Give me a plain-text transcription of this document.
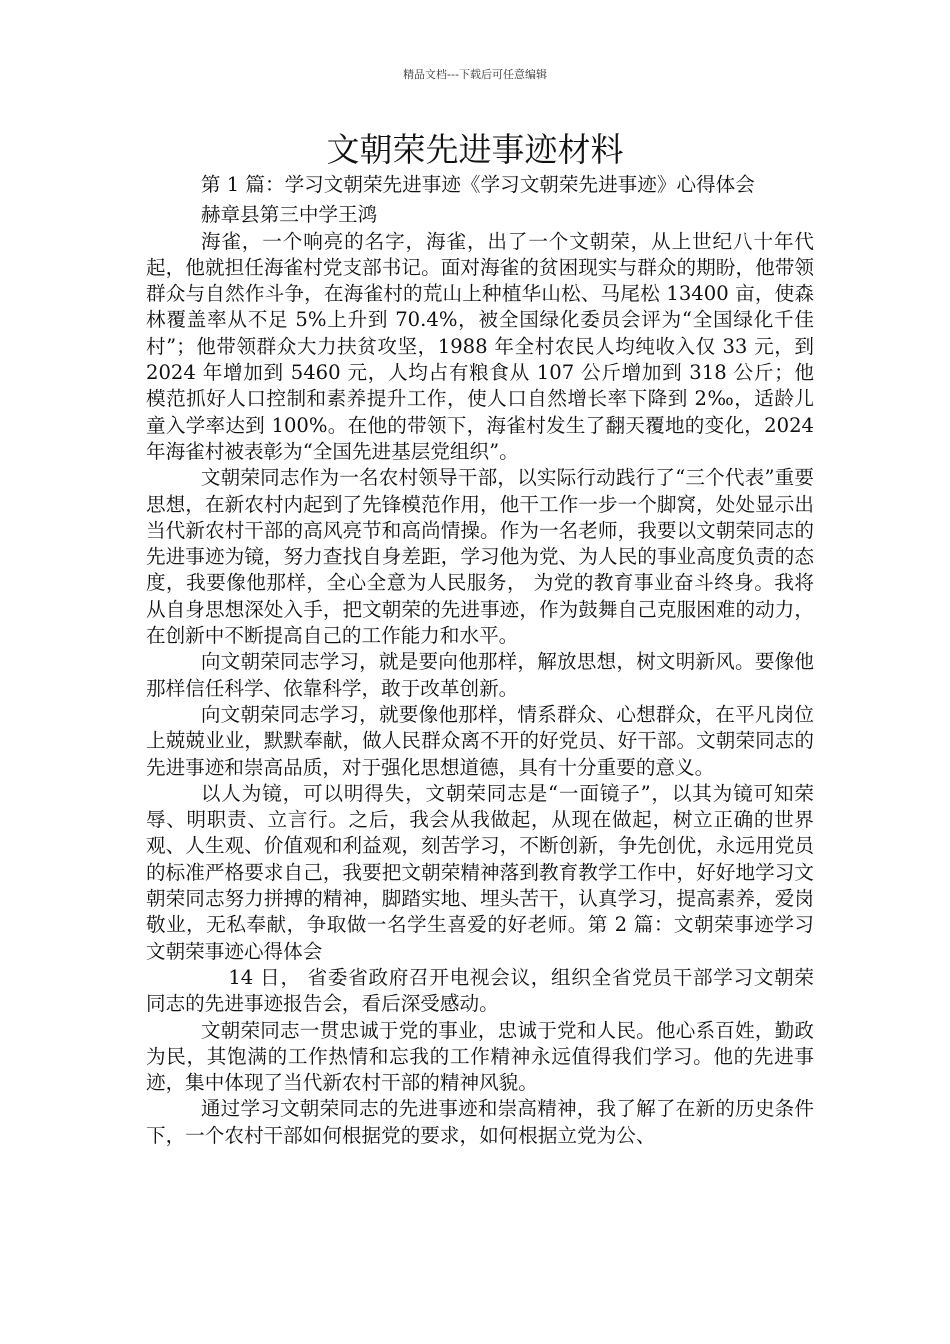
精品文档---下载后可任意编辑
文朝荣先进事迹材料

第 1 篇：学习文朝荣先进事迹《学习文朝荣先进事迹》心得体会

赫章县第三中学王鸿

海雀，一个响亮的名字，海雀，出了一个文朝荣，从上世纪八十年代起，他就担任海雀村党支部书记。面对海雀的贫困现实与群众的期盼，他带领群众与自然作斗争，在海雀村的荒山上种植华山松、马尾松 13400 亩，使森林覆盖率从不足 5%上升到 70.4%，被全国绿化委员会评为“全国绿化千佳村”；他带领群众大力扶贫攻坚，1988 年全村农民人均纯收入仅 33 元，到 2024 年增加到 5460 元，人均占有粮食从 107 公斤增加到 318 公斤；他模范抓好人口控制和素养提升工作，使人口自然增长率下降到 2‰，适龄儿童入学率达到 100%。在他的带领下，海雀村发生了翻天覆地的变化，2024 年海雀村被表彰为“全国先进基层党组织”。

文朝荣同志作为一名农村领导干部，以实际行动践行了“三个代表”重要思想，在新农村内起到了先锋模范作用，他干工作一步一个脚窝，处处显示出当代新农村干部的高风亮节和高尚情操。作为一名老师，我要以文朝荣同志的先进事迹为镜，努力查找自身差距，学习他为党、为人民的事业高度负责的态度，我要像他那样，全心全意为人民服务， 为党的教育事业奋斗终身。我将从自身思想深处入手，把文朝荣的先进事迹，作为鼓舞自己克服困难的动力，在创新中不断提高自己的工作能力和水平。

向文朝荣同志学习，就是要向他那样，解放思想，树文明新风。要像他那样信任科学、依靠科学，敢于改革创新。

向文朝荣同志学习，就要像他那样，情系群众、心想群众，在平凡岗位上兢兢业业，默默奉献，做人民群众离不开的好党员、好干部。文朝荣同志的先进事迹和崇高品质，对于强化思想道德，具有十分重要的意义。

以人为镜，可以明得失，文朝荣同志是“一面镜子”，以其为镜可知荣辱、明职责、立言行。之后，我会从我做起，从现在做起，树立正确的世界观、人生观、价值观和利益观，刻苦学习，不断创新，争先创优，永远用党员的标准严格要求自己，我要把文朝荣精神落到教育教学工作中，好好地学习文朝荣同志努力拼搏的精神，脚踏实地、埋头苦干，认真学习，提高素养，爱岗敬业，无私奉献，争取做一名学生喜爱的好老师。第 2 篇：文朝荣事迹学习文朝荣事迹心得体会

14 日， 省委省政府召开电视会议，组织全省党员干部学习文朝荣同志的先进事迹报告会，看后深受感动。

文朝荣同志一贯忠诚于党的事业，忠诚于党和人民。他心系百姓，勤政为民，其饱满的工作热情和忘我的工作精神永远值得我们学习。他的先进事迹，集中体现了当代新农村干部的精神风貌。

通过学习文朝荣同志的先进事迹和崇高精神，我了解了在新的历史条件下，一个农村干部如何根据党的要求，如何根据立党为公、
